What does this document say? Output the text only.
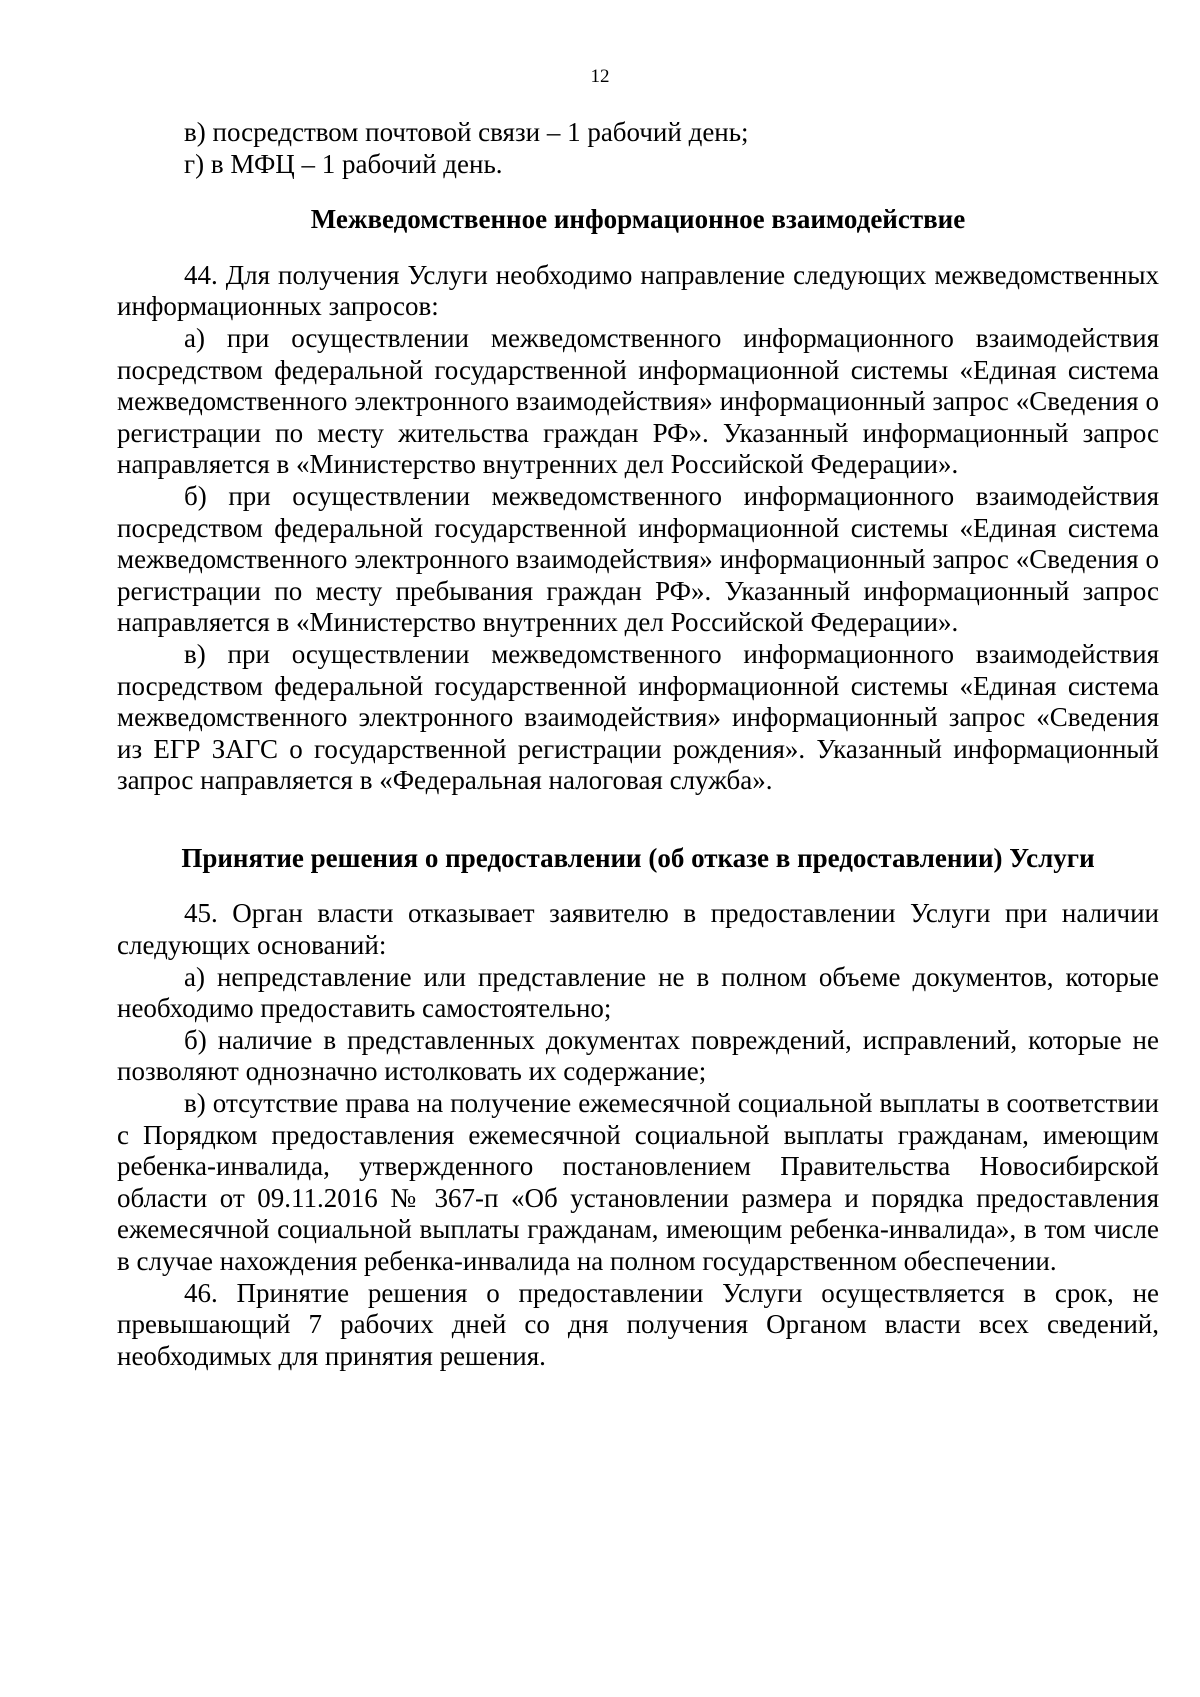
12

в) посредством почтовой связи – 1 рабочий день;

г) в МФЦ – 1 рабочий день.

Межведомственное информационное взаимодействие

44. Для получения Услуги необходимо направление следующих межведомственных информационных запросов:

а) при осуществлении межведомственного информационного взаимодействия посредством федеральной государственной информационной системы «Единая система межведомственного электронного взаимодействия» информационный запрос «Сведения о регистрации по месту жительства граждан РФ». Указанный информационный запрос направляется в «Министерство внутренних дел Российской Федерации».

б) при осуществлении межведомственного информационного взаимодействия посредством федеральной государственной информационной системы «Единая система межведомственного электронного взаимодействия» информационный запрос «Сведения о регистрации по месту пребывания граждан РФ». Указанный информационный запрос направляется в «Министерство внутренних дел Российской Федерации».

в) при осуществлении межведомственного информационного взаимодействия посредством федеральной государственной информационной системы «Единая система межведомственного электронного взаимодействия» информационный запрос «Сведения из ЕГР ЗАГС о государственной регистрации рождения». Указанный информационный запрос направляется в «Федеральная налоговая служба».

Принятие решения о предоставлении (об отказе в предоставлении) Услуги

45. Орган власти отказывает заявителю в предоставлении Услуги при наличии следующих оснований:

а) непредставление или представление не в полном объеме документов, которые необходимо предоставить самостоятельно;

б) наличие в представленных документах повреждений, исправлений, которые не позволяют однозначно истолковать их содержание;

в) отсутствие права на получение ежемесячной социальной выплаты в соответствии с Порядком предоставления ежемесячной социальной выплаты гражданам, имеющим ребенка-инвалида, утвержденного постановлением Правительства Новосибирской области от 09.11.2016 № 367-п «Об установлении размера и порядка предоставления ежемесячной социальной выплаты гражданам, имеющим ребенка-инвалида», в том числе в случае нахождения ребенка-инвалида на полном государственном обеспечении.

46. Принятие решения о предоставлении Услуги осуществляется в срок, не превышающий 7 рабочих дней со дня получения Органом власти всех сведений, необходимых для принятия решения.
